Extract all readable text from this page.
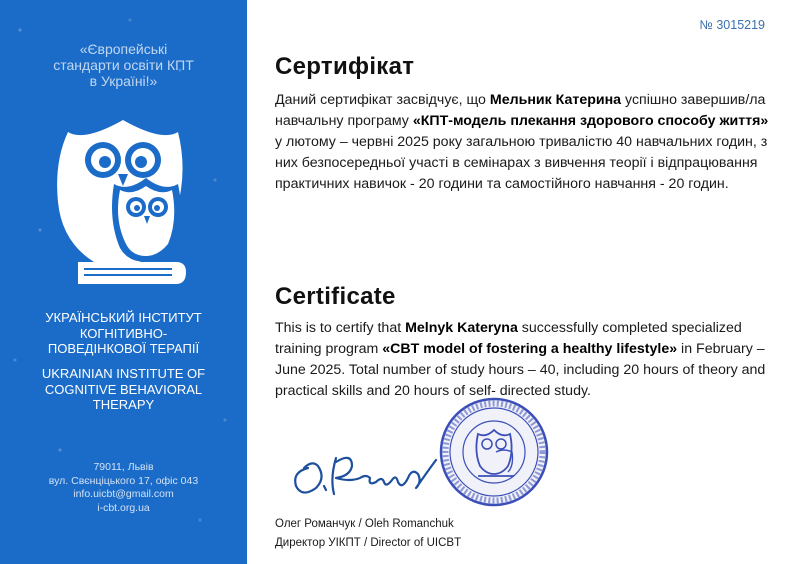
«Європейські
стандарти освіти КПТ
в Україні!»
УКРАЇНСЬКИЙ ІНСТИТУТ
КОГНІТИВНО-
ПОВЕДІНКОВОЇ ТЕРАПІЇ
UKRAINIAN INSTITUTE OF
COGNITIVE BEHAVIORAL
THERAPY
79011, Львів
вул. Свєнціцького 17, офіс 043
info.uicbt@gmail.com
i-cbt.org.ua
№ 3015219
Сертифікат
Даний сертифікат засвідчує, що Мельник Катерина успішно завершив/ла навчальну програму «КПТ-модель плекання здорового способу життя» у лютому – червні 2025 року загальною тривалістю 40 навчальних годин, з них безпосередньої участі в семінарах з вивчення теорії і відпрацювання практичних навичок - 20 години та самостійного навчання - 20 годин.
Certificate
This is to certify that Melnyk Kateryna successfully completed specialized training program «CBT model of fostering a healthy lifestyle» in February – June 2025. Total number of study hours – 40, including 20 hours of theory and practical skills and 20 hours of self- directed study.
Олег Романчук / Oleh Romanchuk
Директор УІКПТ / Director of UICBT
